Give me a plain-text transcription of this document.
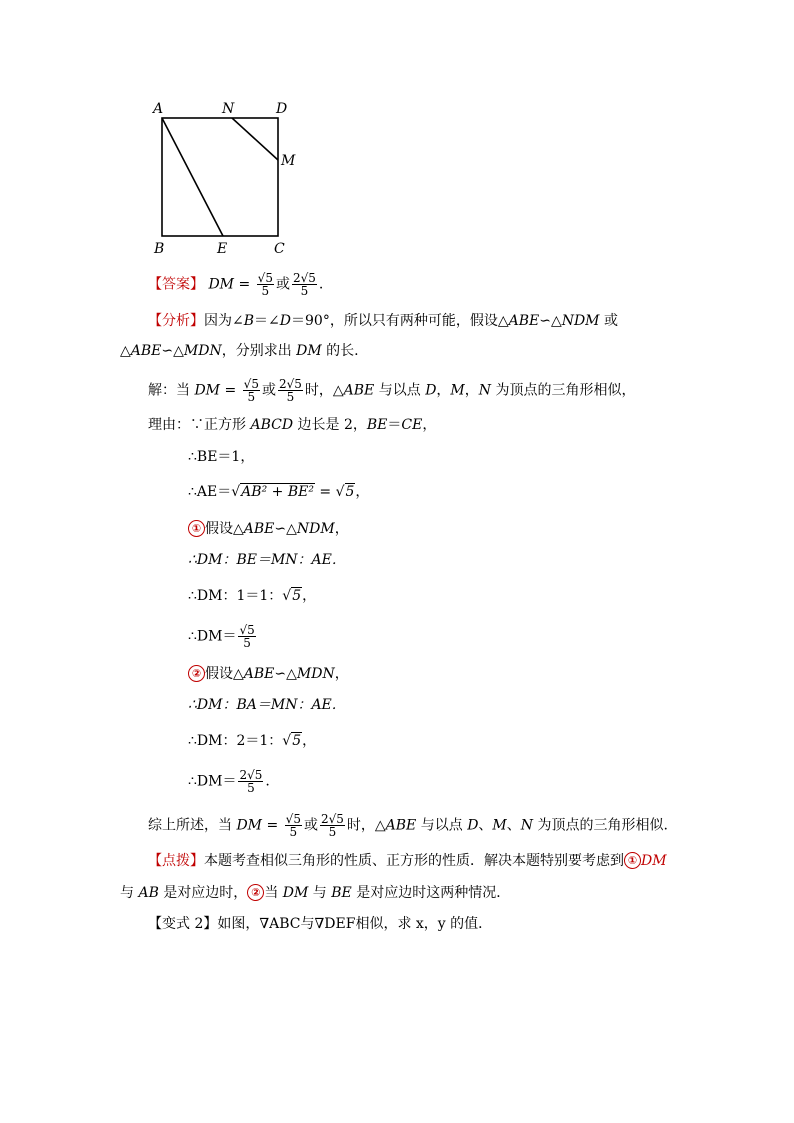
A	N	D
M
B	E	C
【答案】 DM = $\frac{√5}{5}$ 或 $\frac{2√5}{5}$ .
【分析】因为∠B＝∠D＝90°，所以只有两种可能，假设△ABE∽△NDM 或
△ABE∽△MDN，分别求出 DM 的长.
解：当 DM = $\frac{√5}{5}$ 或 $\frac{2√5}{5}$ 时，△ABE 与以点 D，M，N 为顶点的三角形相似，
理由：∵正方形 ABCD 边长是 2，BE＝CE，
∴BE＝1，
∴AE＝√AB² + BE² = √5，
① 假设△ABE∽△NDM，
∴DM：BE＝MN：AE．
∴DM：1＝1：√5，
∴DM＝ $\frac{√5}{5}$
② 假设△ABE∽△MDN，
∴DM：BA＝MN：AE．
∴DM：2＝1：√5，
∴DM＝ $\frac{2√5}{5}$ .
综上所述，当 DM = $\frac{√5}{5}$ 或 $\frac{2√5}{5}$ 时，△ABE 与以点 D、M、N 为顶点的三角形相似.
【点拨】本题考查相似三角形的性质、正方形的性质．解决本题特别要考虑到 ① DM
与 AB 是对应边时， ② 当 DM 与 BE 是对应边时这两种情况．
【变式 2】如图，∇ABC与∇DEF相似，求 x，y 的值．
